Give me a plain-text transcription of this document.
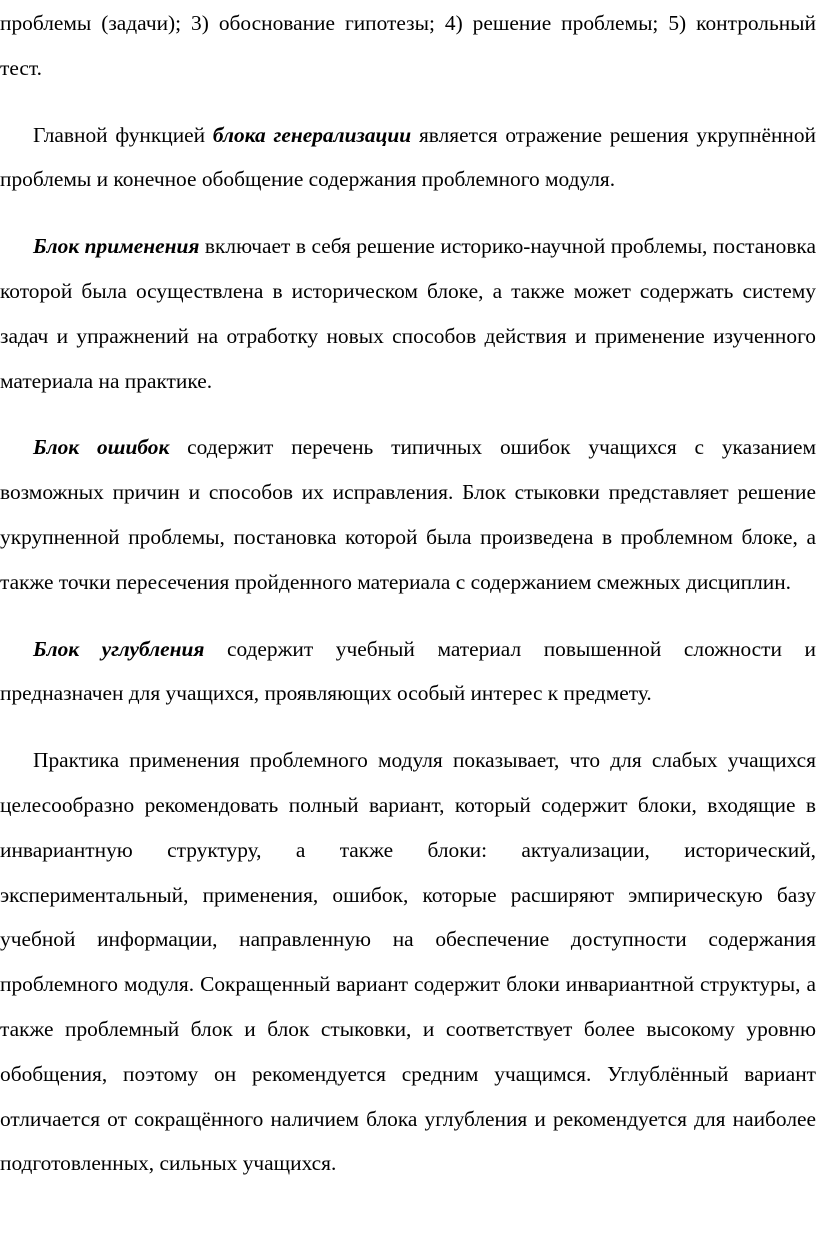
проблемы (задачи); 3) обоснование гипотезы; 4) решение проблемы; 5) контрольный тест.

Главной функцией блока генерализации является отражение решения укрупнённой проблемы и конечное обобщение содержания проблемного модуля.

Блок применения включает в себя решение историко-научной проблемы, постановка которой была осуществлена в историческом блоке, а также может содержать систему задач и упражнений на отработку новых способов действия и применение изученного материала на практике.

Блок ошибок содержит перечень типичных ошибок учащихся с указанием возможных причин и способов их исправления. Блок стыковки представляет решение укрупненной проблемы, постановка которой была произведена в проблемном блоке, а также точки пересечения пройденного материала с содержанием смежных дисциплин.

Блок углубления содержит учебный материал повышенной сложности и предназначен для учащихся, проявляющих особый интерес к предмету.

Практика применения проблемного модуля показывает, что для слабых учащихся целесообразно рекомендовать полный вариант, который содержит блоки, входящие в инвариантную структуру, а также блоки: актуализации, исторический, экспериментальный, применения, ошибок, которые расширяют эмпирическую базу учебной информации, направленную на обеспечение доступности содержания проблемного модуля. Сокращенный вариант содержит блоки инвариантной структуры, а также проблемный блок и блок стыковки, и соответствует более высокому уровню обобщения, поэтому он рекомендуется средним учащимся. Углублённый вариант отличается от сокращённого наличием блока углубления и рекомендуется для наиболее подготовленных, сильных учащихся.
